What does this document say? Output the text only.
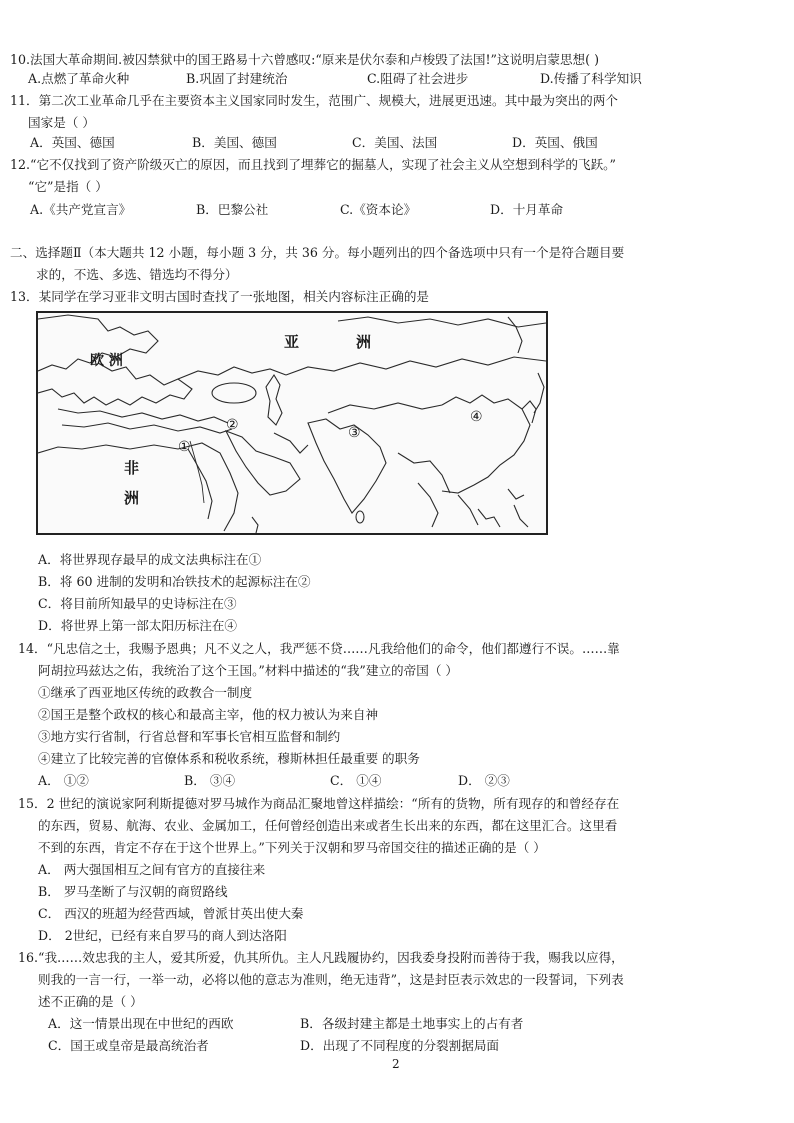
10.法国大革命期间.被囚禁狱中的国王路易十六曾感叹:“原来是伏尔泰和卢梭毁了法国!”这说明启蒙思想( )
A.点燃了革命火种	B.巩固了封建统治	C.阻碍了社会进步	D.传播了科学知识
11．第二次工业革命几乎在主要资本主义国家同时发生，范围广、规模大，进展更迅速。其中最为突出的两个
国家是（ ）
A．英国、德国	B．美国、德国	C．美国、法国	D．英国、俄国
12.“它不仅找到了资产阶级灭亡的原因，而且找到了埋葬它的掘墓人，实现了社会主义从空想到科学的飞跃。”
“它”是指（ ）
A.《共产党宣言》	B．巴黎公社	C.《资本论》	D．十月革命
二、选择题Ⅱ（本大题共 12 小题，每小题 3 分，共 36 分。每小题列出的四个备选项中只有一个是符合题目要
求的，不选、多选、错选均不得分）
13．某同学在学习亚非文明古国时查找了一张地图，相关内容标注正确的是
亚	洲
欧 洲
非
洲
①
②	③
④
A．将世界现存最早的成文法典标注在①
B．将 60 进制的发明和冶铁技术的起源标注在②
C．将目前所知最早的史诗标注在③
D．将世界上第一部太阳历标注在④
14．“凡忠信之士，我赐予恩典；凡不义之人，我严惩不贷……凡我给他们的命令，他们都遵行不误。……靠
阿胡拉玛兹达之佑，我统治了这个王国。”材料中描述的“我”建立的帝国（ ）
①继承了西亚地区传统的政教合一制度
②国王是整个政权的核心和最高主宰，他的权力被认为来自神
③地方实行省制，行省总督和军事长官相互监督和制约
④建立了比较完善的官僚体系和税收系统，穆斯林担任最重要 的职务
A． ①②	B． ③④	C． ①④	D． ②③
15．2 世纪的演说家阿利斯提德对罗马城作为商品汇聚地曾这样描绘：“所有的货物，所有现存的和曾经存在
的东西，贸易、航海、农业、金属加工，任何曾经创造出来或者生长出来的东西，都在这里汇合。这里看
不到的东西，肯定不存在于这个世界上。”下列关于汉朝和罗马帝国交往的描述正确的是（ ）
A． 两大强国相互之间有官方的直接往来
B． 罗马垄断了与汉朝的商贸路线
C． 西汉的班超为经营西域，曾派甘英出使大秦
D． 2世纪，已经有来自罗马的商人到达洛阳
16.“我……效忠我的主人，爱其所爱，仇其所仇。主人凡践履协约，因我委身投附而善待于我，赐我以应得，
则我的一言一行，一举一动，必将以他的意志为准则，绝无违背”，这是封臣表示效忠的一段誓词，下列表
述不正确的是（ ）
A．这一情景出现在中世纪的西欧	B．各级封建主都是土地事实上的占有者
C．国王或皇帝是最高统治者	D．出现了不同程度的分裂割据局面
2
